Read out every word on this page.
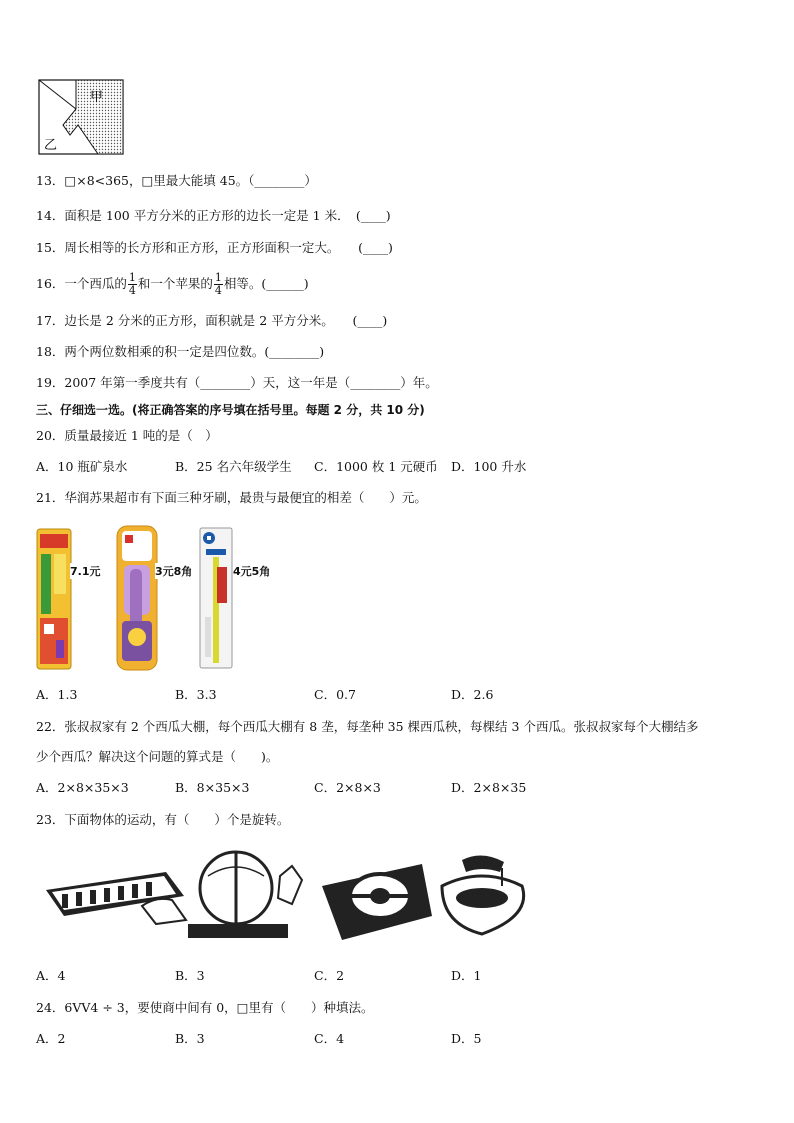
甲
乙
13．□×8<365，□里最大能填 45。（________）
14．面积是 100 平方分米的正方形的边长一定是 1 米．　(____)
15．周长相等的长方形和正方形，正方形面积一定大。　　(____)
16．一个西瓜的 $\frac{1}{4}$ 和一个苹果的 $\frac{1}{4}$ 相等。(______)
17．边长是 2 分米的正方形，面积就是 2 平方分米。　　(____)
18．两个两位数相乘的积一定是四位数。(________)
19．2007 年第一季度共有（________）天，这一年是（________）年。
三、仔细选一选。(将正确答案的序号填在括号里。每题 2 分，共 10 分)
20．质量最接近 1 吨的是（　）
A．10 瓶矿泉水	B．25 名六年级学生 C．1000 枚 1 元硬币 D．100 升水
21．华润苏果超市有下面三种牙刷，最贵与最便宜的相差（　　）元。
7.1元	3元8角	4元5角
A．1.3	B．3.3	C．0.7	D．2.6
22．张叔叔家有 2 个西瓜大棚，每个西瓜大棚有 8 垄，每垄种 35 棵西瓜秧，每棵结 3 个西瓜。张叔叔家每个大棚结多
少个西瓜？解决这个问题的算式是（　　)。
A．2×8×35×3	B．8×35×3	C．2×8×3	D．2×8×35
23．下面物体的运动，有（　　）个是旋转。
A．4	B．3	C．2	D．1
24．6VV4 ÷ 3，要使商中间有 0，□里有（　　）种填法。
A．2	B．3	C．4	D．5
